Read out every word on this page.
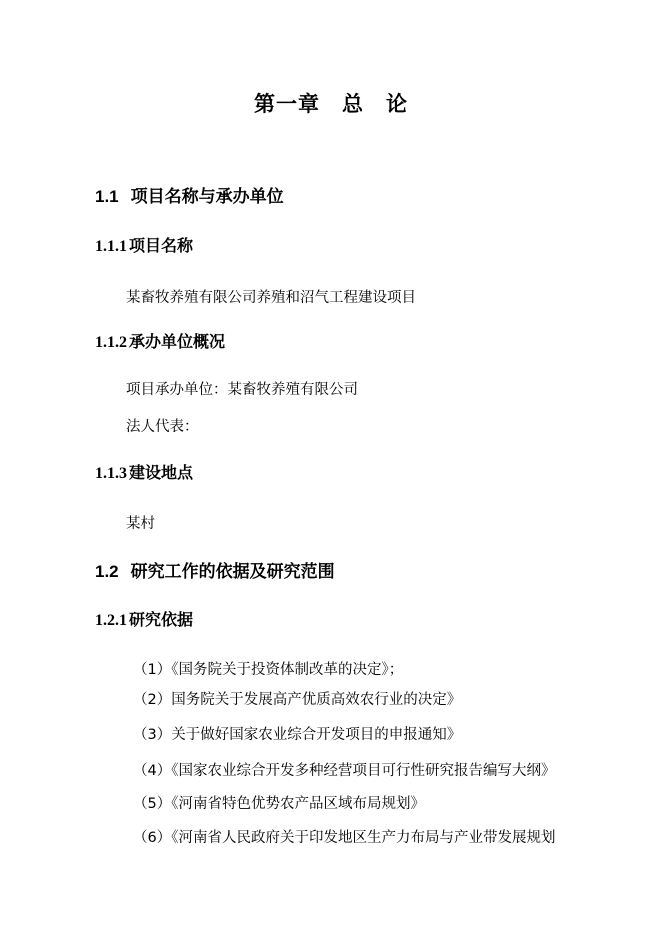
第一章　总　论
1.1 项目名称与承办单位
1.1.1 项目名称
某畜牧养殖有限公司养殖和沼气工程建设项目
1.1.2 承办单位概况
项目承办单位：某畜牧养殖有限公司
法人代表：
1.1.3 建设地点
某村
1.2 研究工作的依据及研究范围
1.2.1 研究依据
（1）《国务院关于投资体制改革的决定》；
（2）国务院关于发展高产优质高效农行业的决定》
（3）关于做好国家农业综合开发项目的申报通知》
（4）《国家农业综合开发多种经营项目可行性研究报告编写大纲》
（5）《河南省特色优势农产品区域布局规划》
（6）《河南省人民政府关于印发地区生产力布局与产业带发展规划
